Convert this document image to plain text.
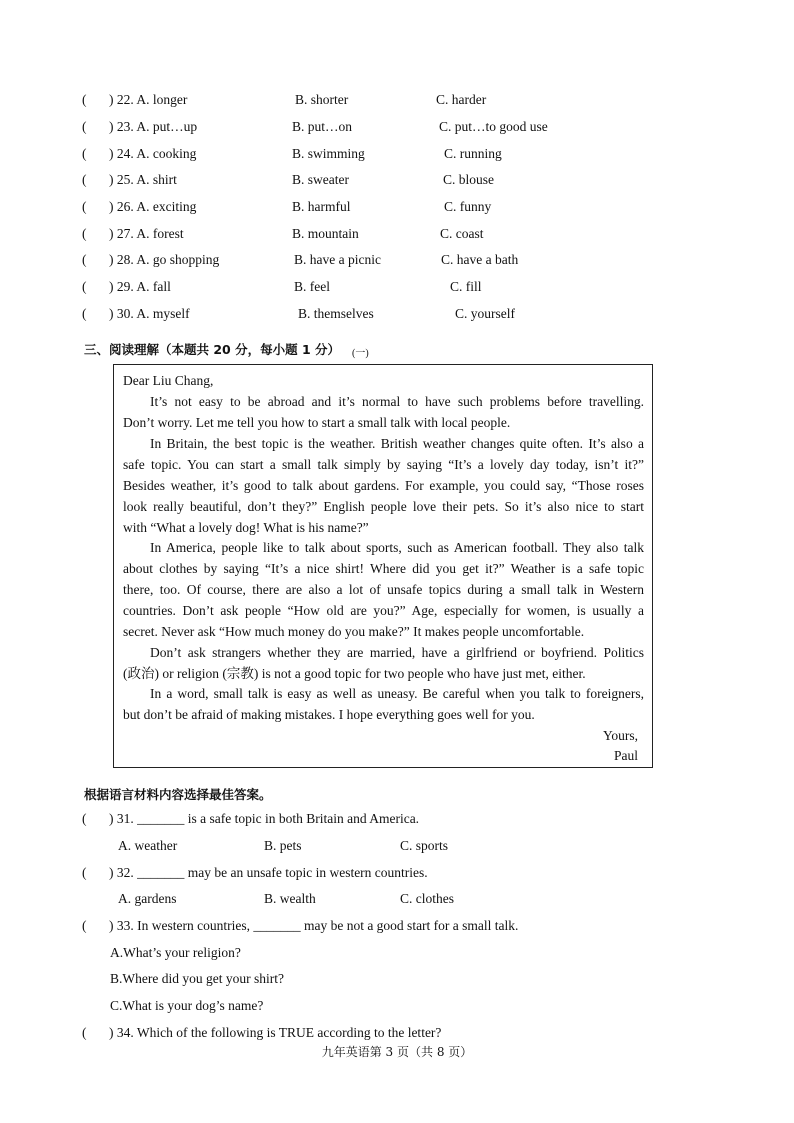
( ) 22. A. longer	B. shorter	C. harder
( ) 23. A. put…up	B. put…on	C. put…to good use
( ) 24. A. cooking	B. swimming	C. running
( ) 25. A. shirt	B. sweater	C. blouse
( ) 26. A. exciting	B. harmful	C. funny
( ) 27. A. forest	B. mountain	C. coast
( ) 28. A. go shopping	B. have a picnic	C. have a bath
( ) 29. A. fall	B. feel	C. fill
( ) 30. A. myself	B. themselves	C. yourself
三、阅读理解（本题共 20 分，每小题 1 分） (一)
Dear Liu Chang,
It’s not easy to be abroad and it’s normal to have such problems before travelling.
Don’t worry. Let me tell you how to start a small talk with local people.
In Britain, the best topic is the weather. British weather changes quite often. It’s also a
safe topic. You can start a small talk simply by saying “It’s a lovely day today, isn’t it?”
Besides weather, it’s good to talk about gardens. For example, you could say, “Those roses
look really beautiful, don’t they?” English people love their pets. So it’s also nice to start
with “What a lovely dog! What is his name?”
In America, people like to talk about sports, such as American football. They also talk
about clothes by saying “It’s a nice shirt! Where did you get it?” Weather is a safe topic
there, too. Of course, there are also a lot of unsafe topics during a small talk in Western
countries. Don’t ask people “How old are you?” Age, especially for women, is usually a
secret. Never ask “How much money do you make?” It makes people uncomfortable.
Don’t ask strangers whether they are married, have a girlfriend or boyfriend. Politics
(政治) or religion (宗教) is not a good topic for two people who have just met, either.
In a word, small talk is easy as well as uneasy. Be careful when you talk to foreigners,
but don’t be afraid of making mistakes. I hope everything goes well for you.
Yours,
Paul
根据语言材料内容选择最佳答案。
( ) 31. _______ is a safe topic in both Britain and America.
A. weather	B. pets	C. sports
( ) 32. _______ may be an unsafe topic in western countries.
A. gardens	B. wealth	C. clothes
( ) 33. In western countries, _______ may be not a good start for a small talk.
A.What’s your religion?
B.Where did you get your shirt?
C.What is your dog’s name?
( ) 34. Which of the following is TRUE according to the letter?
九年英语第 3 页（共 8 页）
